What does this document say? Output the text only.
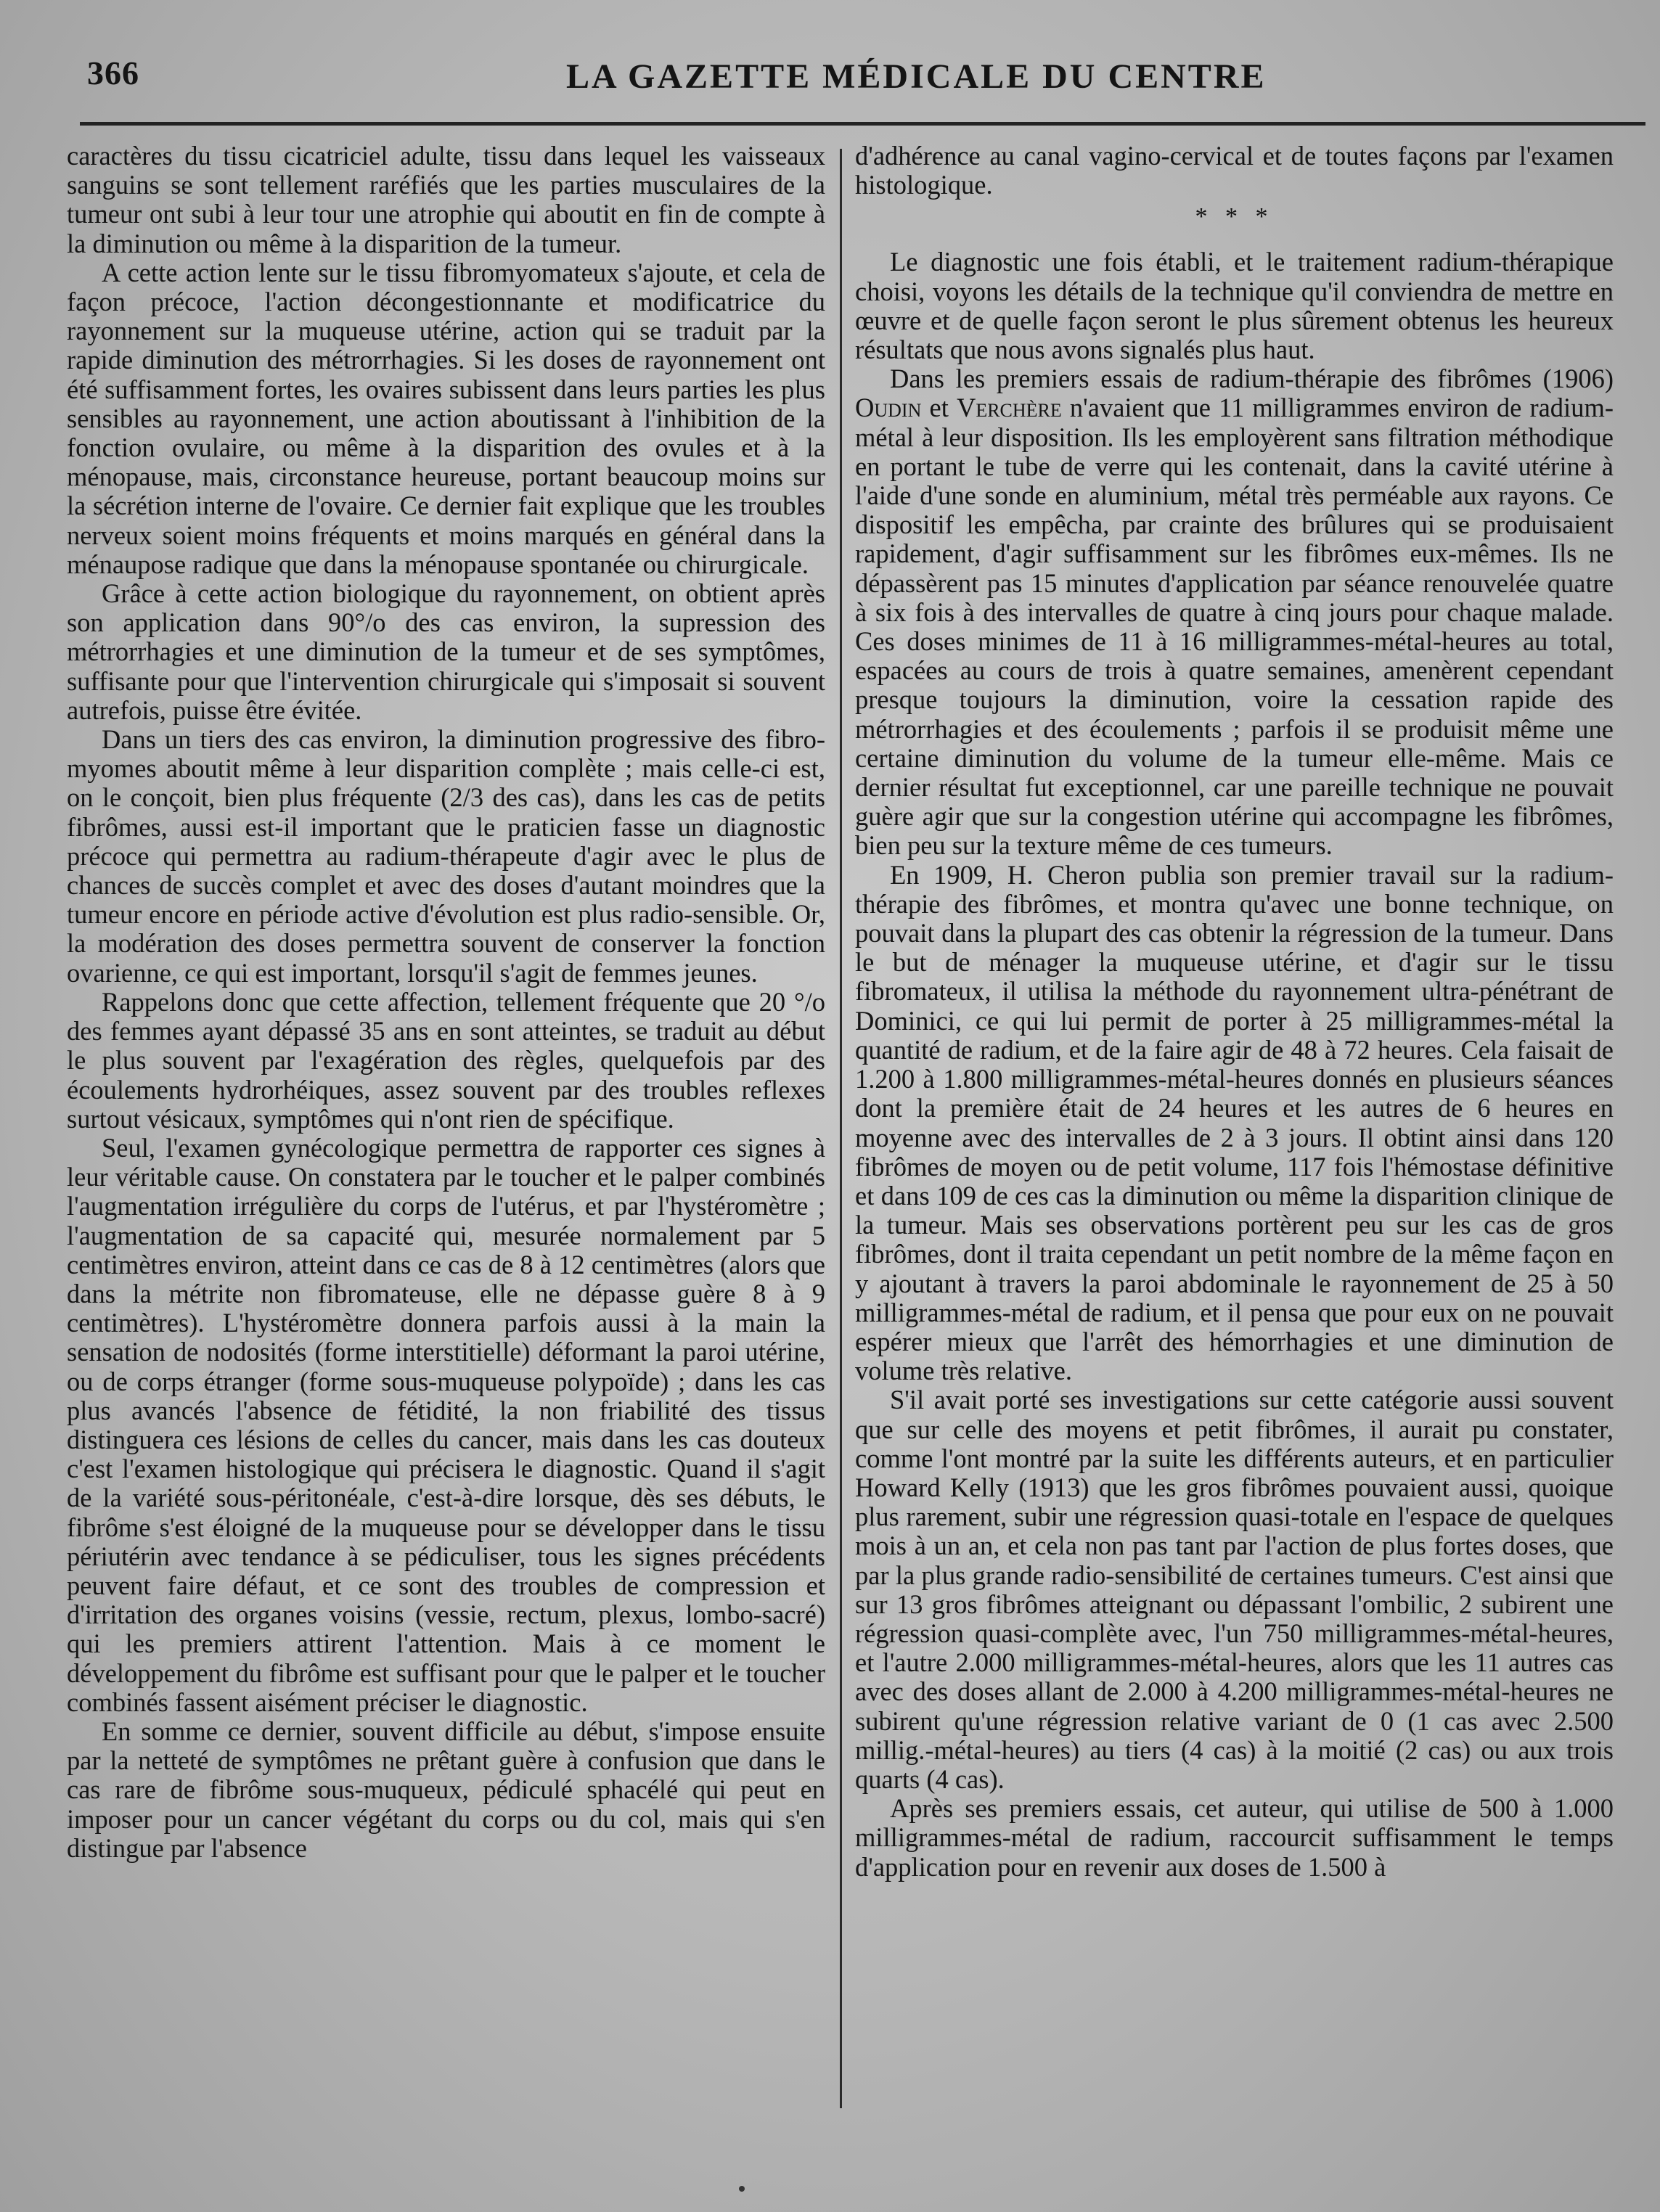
366	LA GAZETTE MÉDICALE DU CENTRE

caractères du tissu cicatriciel adulte, tissu dans lequel les vaisseaux sanguins se sont tellement raréfiés que les parties musculaires de la tumeur ont subi à leur tour une atrophie qui aboutit en fin de compte à la diminution ou même à la disparition de la tumeur.

A cette action lente sur le tissu fibromyomateux s'ajoute, et cela de façon précoce, l'action décongestionnante et modificatrice du rayonnement sur la muqueuse utérine, action qui se traduit par la rapide diminution des métrorrhagies. Si les doses de rayonnement ont été suffisamment fortes, les ovaires subissent dans leurs parties les plus sensibles au rayonnement, une action aboutissant à l'inhibition de la fonction ovulaire, ou même à la disparition des ovules et à la ménopause, mais, circonstance heureuse, portant beaucoup moins sur la sécrétion interne de l'ovaire. Ce dernier fait explique que les troubles nerveux soient moins fréquents et moins marqués en général dans la ménaupose radique que dans la ménopause spontanée ou chirurgicale.

Grâce à cette action biologique du rayonnement, on obtient après son application dans 90°/o des cas environ, la supression des métrorrhagies et une diminution de la tumeur et de ses symptômes, suffisante pour que l'intervention chirurgicale qui s'imposait si souvent autrefois, puisse être évitée.

Dans un tiers des cas environ, la diminution progressive des fibro-myomes aboutit même à leur disparition complète ; mais celle-ci est, on le conçoit, bien plus fréquente (2/3 des cas), dans les cas de petits fibrômes, aussi est-il important que le praticien fasse un diagnostic précoce qui permettra au radium-thérapeute d'agir avec le plus de chances de succès complet et avec des doses d'autant moindres que la tumeur encore en période active d'évolution est plus radio-sensible. Or, la modération des doses permettra souvent de conserver la fonction ovarienne, ce qui est important, lorsqu'il s'agit de femmes jeunes.

Rappelons donc que cette affection, tellement fréquente que 20 °/o des femmes ayant dépassé 35 ans en sont atteintes, se traduit au début le plus souvent par l'exagération des règles, quelquefois par des écoulements hydrorhéiques, assez souvent par des troubles reflexes surtout vésicaux, symptômes qui n'ont rien de spécifique.

Seul, l'examen gynécologique permettra de rapporter ces signes à leur véritable cause. On constatera par le toucher et le palper combinés l'augmentation irrégulière du corps de l'utérus, et par l'hystéromètre ; l'augmentation de sa capacité qui, mesurée normalement par 5 centimètres environ, atteint dans ce cas de 8 à 12 centimètres (alors que dans la métrite non fibromateuse, elle ne dépasse guère 8 à 9 centimètres). L'hystéromètre donnera parfois aussi à la main la sensation de nodosités (forme interstitielle) déformant la paroi utérine, ou de corps étranger (forme sous-muqueuse polypoïde) ; dans les cas plus avancés l'absence de fétidité, la non friabilité des tissus distinguera ces lésions de celles du cancer, mais dans les cas douteux c'est l'examen histologique qui précisera le diagnostic. Quand il s'agit de la variété sous-péritonéale, c'est-à-dire lorsque, dès ses débuts, le fibrôme s'est éloigné de la muqueuse pour se développer dans le tissu périutérin avec tendance à se pédiculiser, tous les signes précédents peuvent faire défaut, et ce sont des troubles de compression et d'irritation des organes voisins (vessie, rectum, plexus, lombo-sacré) qui les premiers attirent l'attention. Mais à ce moment le développement du fibrôme est suffisant pour que le palper et le toucher combinés fassent aisément préciser le diagnostic.

En somme ce dernier, souvent difficile au début, s'impose ensuite par la netteté de symptômes ne prêtant guère à confusion que dans le cas rare de fibrôme sous-muqueux, pédiculé sphacélé qui peut en imposer pour un cancer végétant du corps ou du col, mais qui s'en distingue par l'absence

d'adhérence au canal vagino-cervical et de toutes façons par l'examen histologique.

* * *

Le diagnostic une fois établi, et le traitement radium-thérapique choisi, voyons les détails de la technique qu'il conviendra de mettre en œuvre et de quelle façon seront le plus sûrement obtenus les heureux résultats que nous avons signalés plus haut.

Dans les premiers essais de radium-thérapie des fibrômes (1906) Oudin et Verchère n'avaient que 11 milligrammes environ de radium-métal à leur disposition. Ils les employèrent sans filtration méthodique en portant le tube de verre qui les contenait, dans la cavité utérine à l'aide d'une sonde en aluminium, métal très perméable aux rayons. Ce dispositif les empêcha, par crainte des brûlures qui se produisaient rapidement, d'agir suffisamment sur les fibrômes eux-mêmes. Ils ne dépassèrent pas 15 minutes d'application par séance renouvelée quatre à six fois à des intervalles de quatre à cinq jours pour chaque malade. Ces doses minimes de 11 à 16 milligrammes-métal-heures au total, espacées au cours de trois à quatre semaines, amenèrent cependant presque toujours la diminution, voire la cessation rapide des métrorrhagies et des écoulements ; parfois il se produisit même une certaine diminution du volume de la tumeur elle-même. Mais ce dernier résultat fut exceptionnel, car une pareille technique ne pouvait guère agir que sur la congestion utérine qui accompagne les fibrômes, bien peu sur la texture même de ces tumeurs.

En 1909, H. Cheron publia son premier travail sur la radium-thérapie des fibrômes, et montra qu'avec une bonne technique, on pouvait dans la plupart des cas obtenir la régression de la tumeur. Dans le but de ménager la muqueuse utérine, et d'agir sur le tissu fibromateux, il utilisa la méthode du rayonnement ultra-pénétrant de Dominici, ce qui lui permit de porter à 25 milligrammes-métal la quantité de radium, et de la faire agir de 48 à 72 heures. Cela faisait de 1.200 à 1.800 milligrammes-métal-heures donnés en plusieurs séances dont la première était de 24 heures et les autres de 6 heures en moyenne avec des intervalles de 2 à 3 jours. Il obtint ainsi dans 120 fibrômes de moyen ou de petit volume, 117 fois l'hémostase définitive et dans 109 de ces cas la diminution ou même la disparition clinique de la tumeur. Mais ses observations portèrent peu sur les cas de gros fibrômes, dont il traita cependant un petit nombre de la même façon en y ajoutant à travers la paroi abdominale le rayonnement de 25 à 50 milligrammes-métal de radium, et il pensa que pour eux on ne pouvait espérer mieux que l'arrêt des hémorrhagies et une diminution de volume très relative.

S'il avait porté ses investigations sur cette catégorie aussi souvent que sur celle des moyens et petit fibrômes, il aurait pu constater, comme l'ont montré par la suite les différents auteurs, et en particulier Howard Kelly (1913) que les gros fibrômes pouvaient aussi, quoique plus rarement, subir une régression quasi-totale en l'espace de quelques mois à un an, et cela non pas tant par l'action de plus fortes doses, que par la plus grande radio-sensibilité de certaines tumeurs. C'est ainsi que sur 13 gros fibrômes atteignant ou dépassant l'ombilic, 2 subirent une régression quasi-complète avec, l'un 750 milligrammes-métal-heures, et l'autre 2.000 milligrammes-métal-heures, alors que les 11 autres cas avec des doses allant de 2.000 à 4.200 milligrammes-métal-heures ne subirent qu'une régression relative variant de 0 (1 cas avec 2.500 millig.-métal-heures) au tiers (4 cas) à la moitié (2 cas) ou aux trois quarts (4 cas).

Après ses premiers essais, cet auteur, qui utilise de 500 à 1.000 milligrammes-métal de radium, raccourcit suffisamment le temps d'application pour en revenir aux doses de 1.500 à
